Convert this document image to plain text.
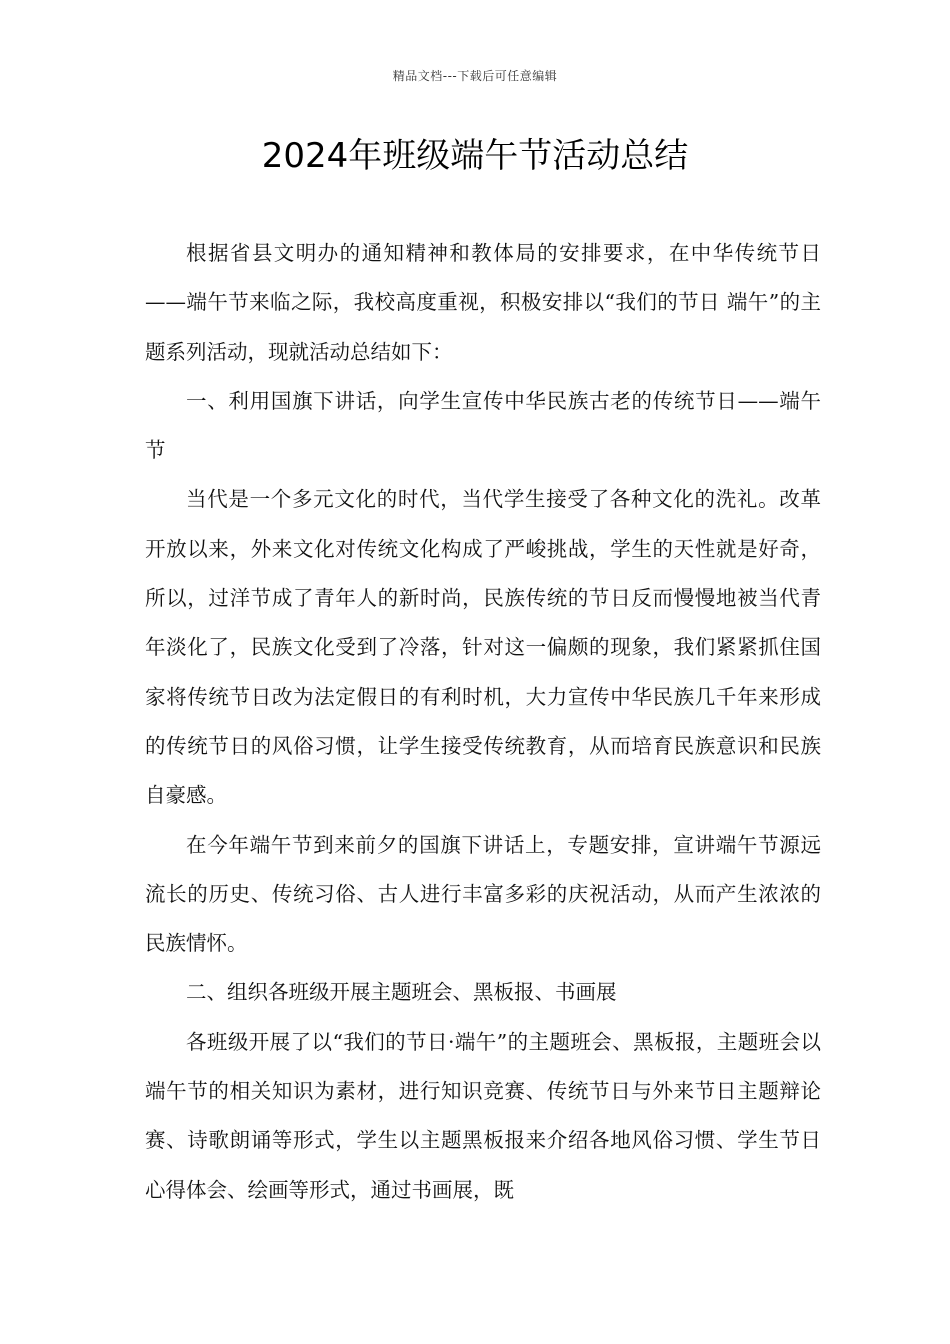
精品文档---下载后可任意编辑
2024年班级端午节活动总结

根据省县文明办的通知精神和教体局的安排要求，在中华传统节日——端午节来临之际，我校高度重视，积极安排以“我们的节日 端午”的主题系列活动，现就活动总结如下：

一、利用国旗下讲话，向学生宣传中华民族古老的传统节日——端午节

当代是一个多元文化的时代，当代学生接受了各种文化的洗礼。改革开放以来，外来文化对传统文化构成了严峻挑战，学生的天性就是好奇，所以，过洋节成了青年人的新时尚，民族传统的节日反而慢慢地被当代青年淡化了，民族文化受到了冷落，针对这一偏颇的现象，我们紧紧抓住国家将传统节日改为法定假日的有利时机，大力宣传中华民族几千年来形成的传统节日的风俗习惯，让学生接受传统教育，从而培育民族意识和民族自豪感。

在今年端午节到来前夕的国旗下讲话上，专题安排，宣讲端午节源远流长的历史、传统习俗、古人进行丰富多彩的庆祝活动，从而产生浓浓的民族情怀。

二、组织各班级开展主题班会、黑板报、书画展

各班级开展了以“我们的节日·端午”的主题班会、黑板报，主题班会以端午节的相关知识为素材，进行知识竞赛、传统节日与外来节日主题辩论赛、诗歌朗诵等形式，学生以主题黑板报来介绍各地风俗习惯、学生节日心得体会、绘画等形式，通过书画展，既
